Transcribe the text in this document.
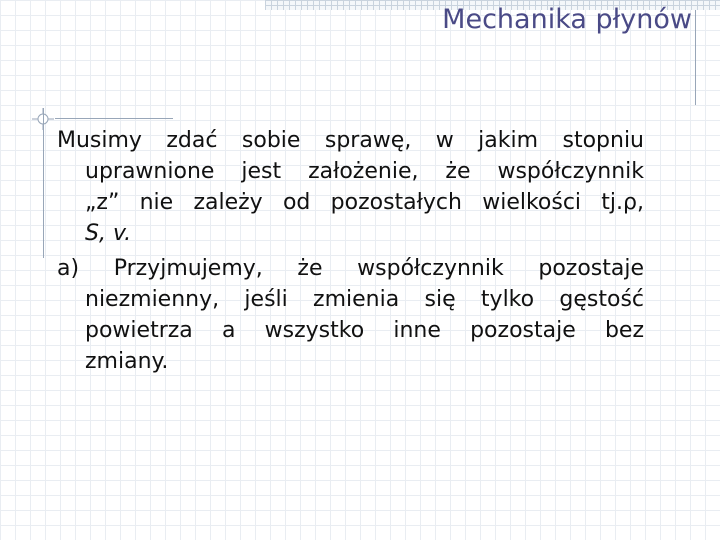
Mechanika płynów
Musimy zdać sobie sprawę, w jakim stopniu
uprawnione jest założenie, że współczynnik
„z” nie zależy od pozostałych wielkości tj.ρ,
S, v.
a) Przyjmujemy, że współczynnik pozostaje
niezmienny, jeśli zmienia się tylko gęstość
powietrza a wszystko inne pozostaje bez
zmiany.
